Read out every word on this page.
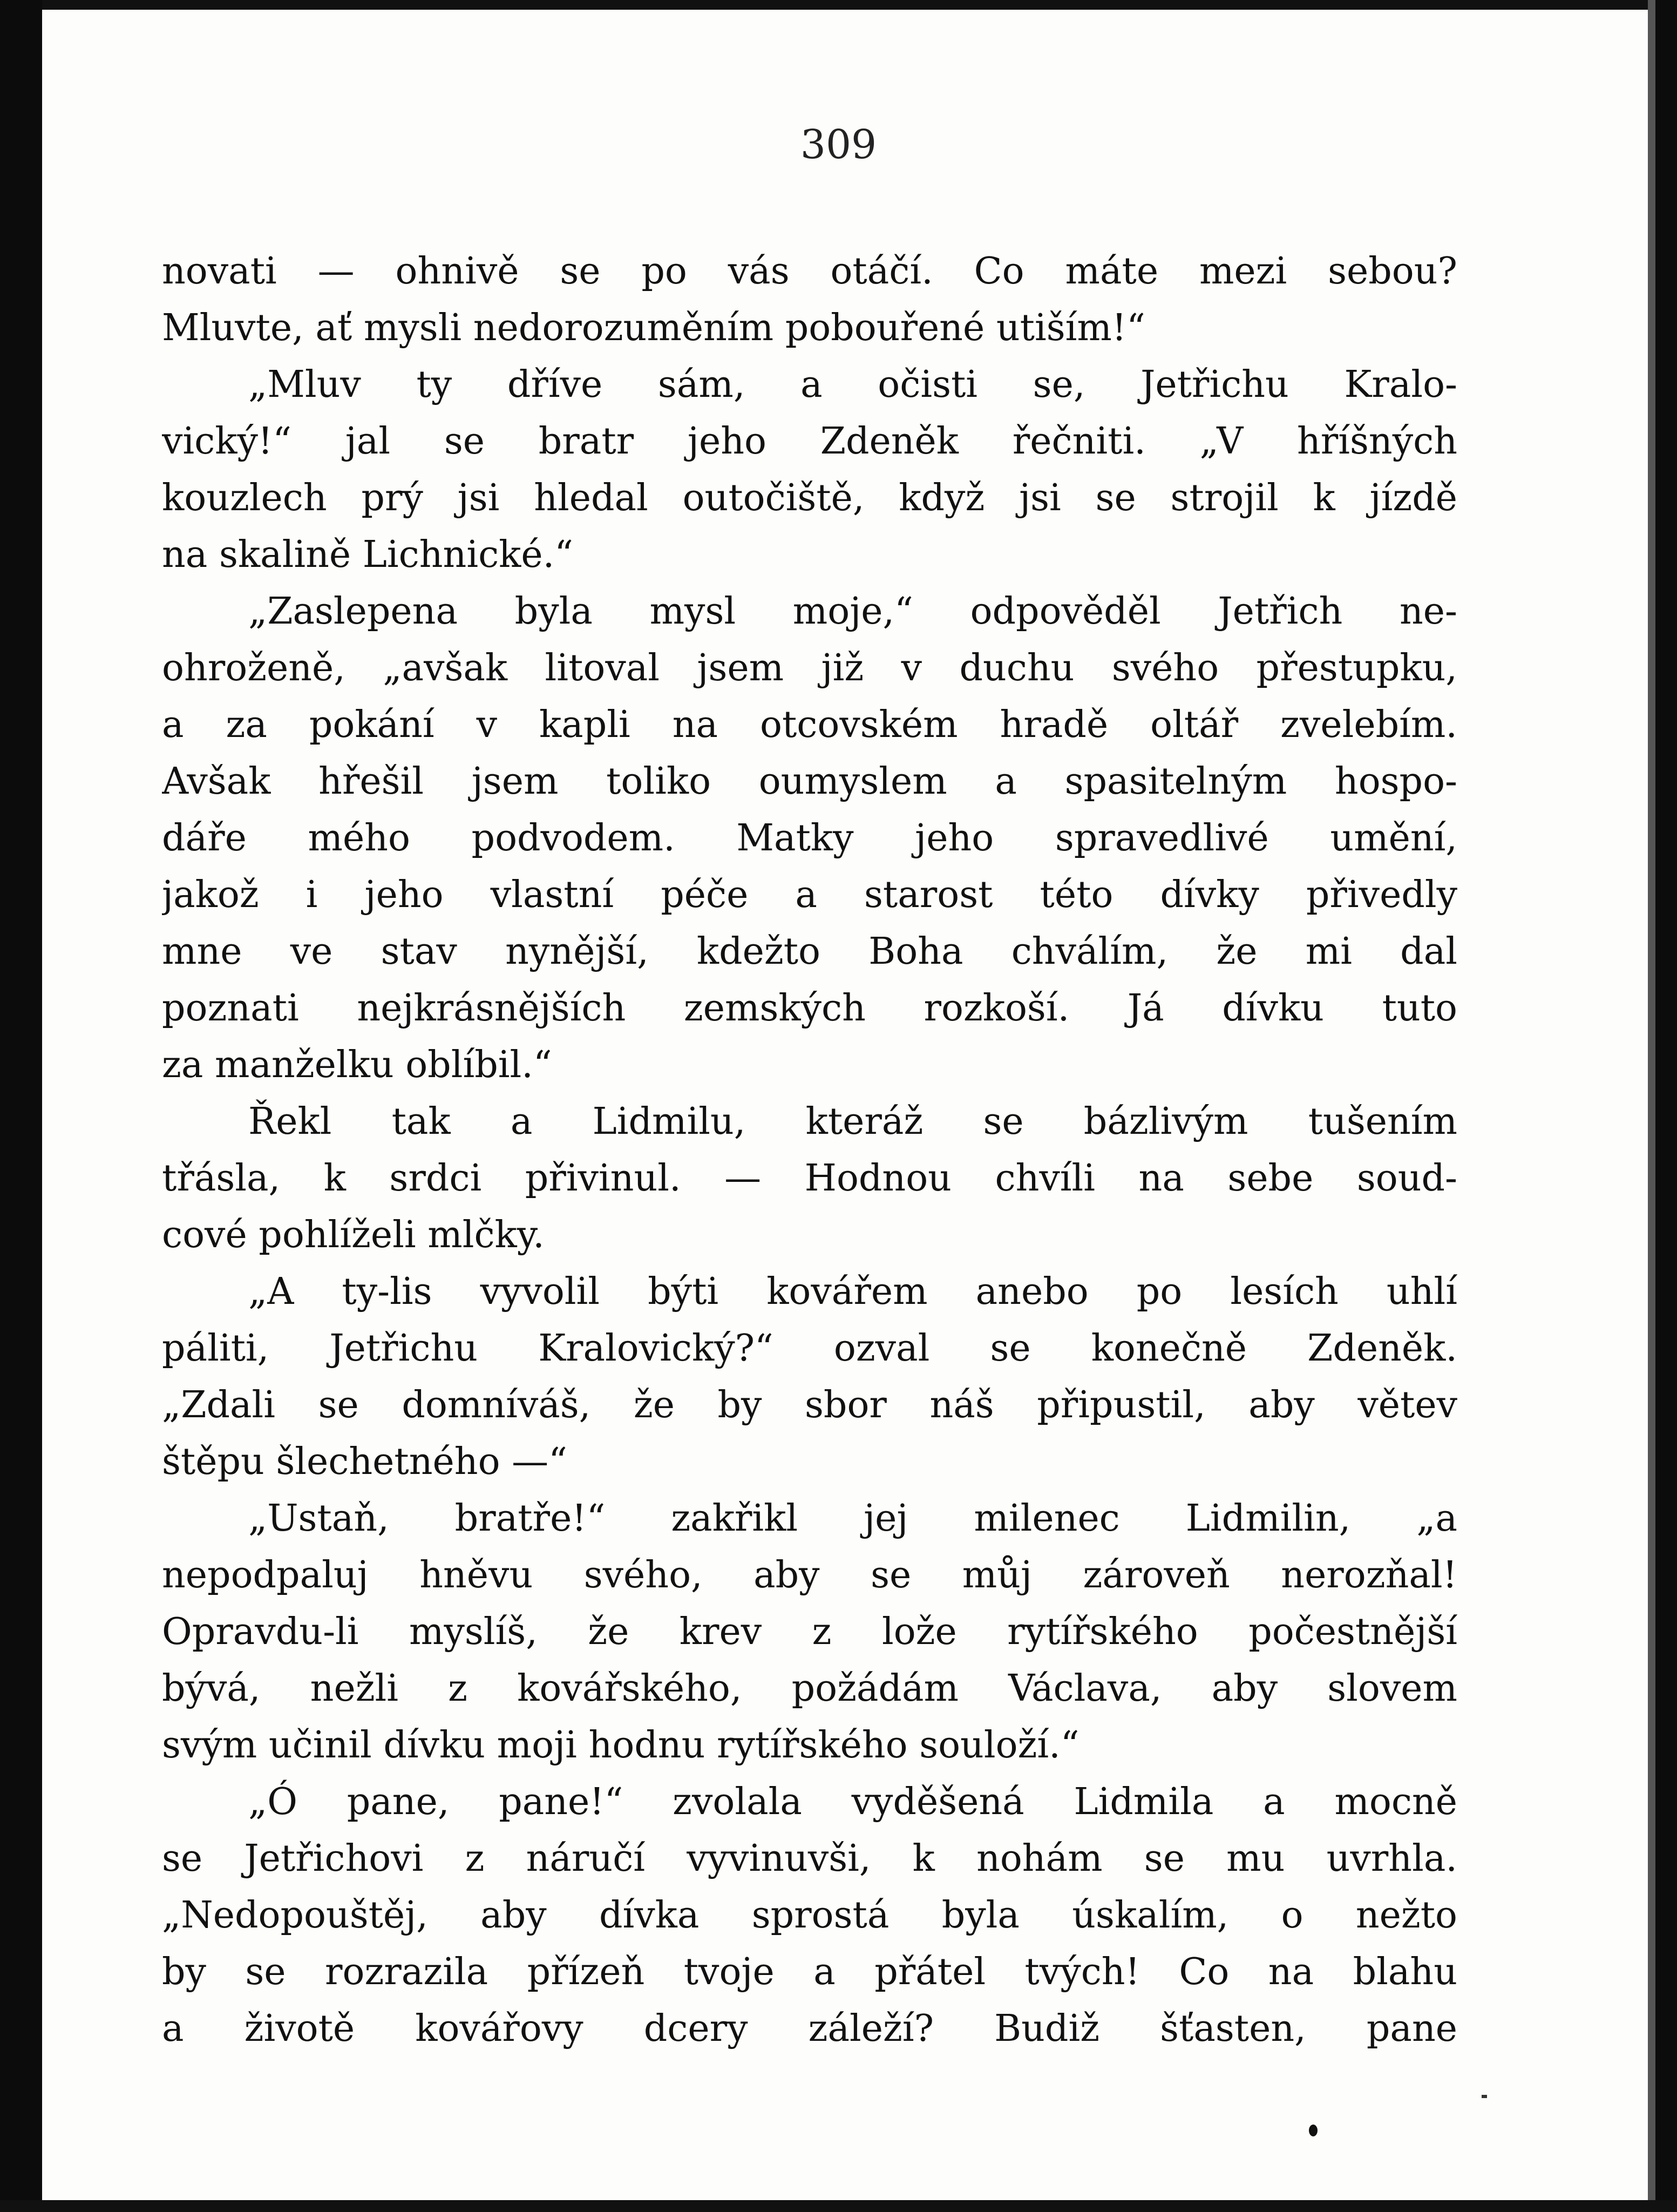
309
novati — ohnivě se po vás otáčí. Co máte mezi sebou?
Mluvte, ať mysli nedorozuměním pobouřené utiším!“
„Mluv ty dříve sám, a očisti se, Jetřichu Kralo-
vický!“ jal se bratr jeho Zdeněk řečniti. „V hříšných
kouzlech prý jsi hledal outočiště, když jsi se strojil k jízdě
na skalině Lichnické.“
„Zaslepena byla mysl moje,“ odpověděl Jetřich ne-
ohroženě, „avšak litoval jsem již v duchu svého přestupku,
a za pokání v kapli na otcovském hradě oltář zvelebím.
Avšak hřešil jsem toliko oumyslem a spasitelným hospo-
dáře mého podvodem. Matky jeho spravedlivé umění,
jakož i jeho vlastní péče a starost této dívky přivedly
mne ve stav nynější, kdežto Boha chválím, že mi dal
poznati nejkrásnějších zemských rozkoší. Já dívku tuto
za manželku oblíbil.“
Řekl tak a Lidmilu, kteráž se bázlivým tušením
třásla, k srdci přivinul. — Hodnou chvíli na sebe soud-
cové pohlíželi mlčky.
„A ty-lis vyvolil býti kovářem anebo po lesích uhlí
páliti, Jetřichu Kralovický?“ ozval se konečně Zdeněk.
„Zdali se domníváš, že by sbor náš připustil, aby větev
štěpu šlechetného —“
„Ustaň, bratře!“ zakřikl jej milenec Lidmilin, „a
nepodpaluj hněvu svého, aby se můj zároveň nerozňal!
Opravdu-li myslíš, že krev z lože rytířského počestnější
bývá, nežli z kovářského, požádám Václava, aby slovem
svým učinil dívku moji hodnu rytířského souloží.“
„Ó pane, pane!“ zvolala vyděšená Lidmila a mocně
se Jetřichovi z náručí vyvinuvši, k nohám se mu uvrhla.
„Nedopouštěj, aby dívka sprostá byla úskalím, o nežto
by se rozrazila přízeň tvoje a přátel tvých! Co na blahu
a životě kovářovy dcery záleží? Budiž šťasten, pane
